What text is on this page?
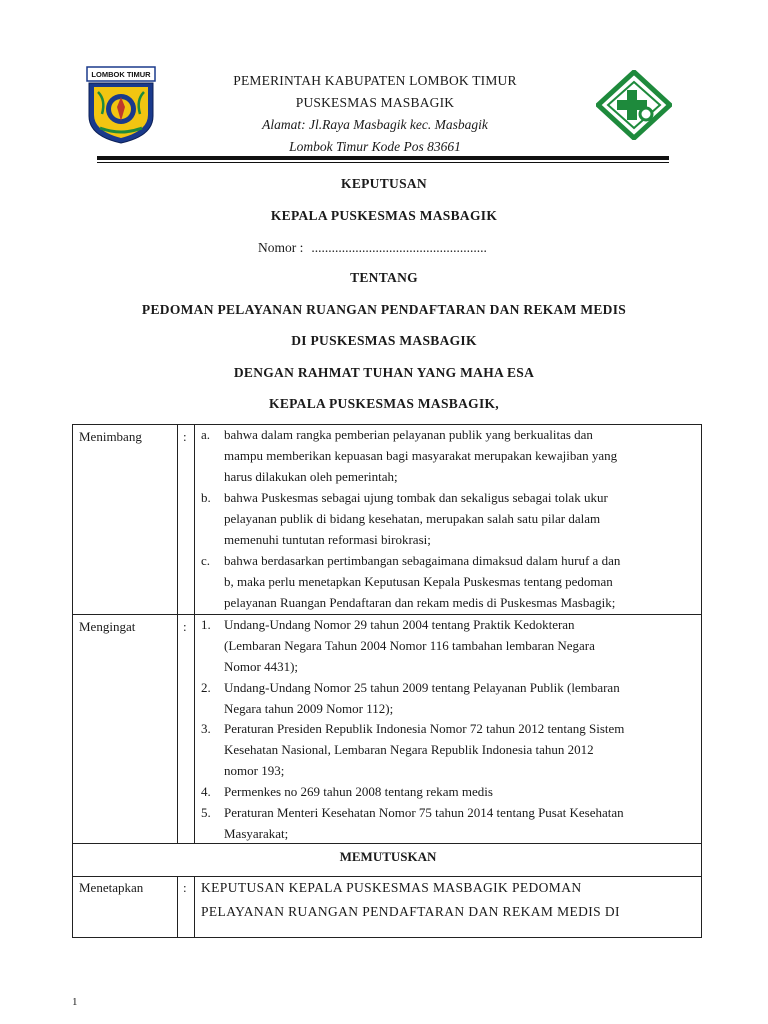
LOMBOK TIMUR	PEMERINTAH KABUPATEN LOMBOK TIMUR
PUSKESMAS MASBAGIK
Alamat: Jl.Raya Masbagik kec. Masbagik
Lombok Timur Kode Pos 83661
KEPUTUSAN
KEPALA PUSKESMAS MASBAGIK
Nomor : ....................................................
TENTANG
PEDOMAN PELAYANAN RUANGAN PENDAFTARAN DAN REKAM MEDIS
DI PUSKESMAS MASBAGIK
DENGAN RAHMAT TUHAN YANG MAHA ESA
KEPALA PUSKESMAS MASBAGIK,
Menimbang	: a. bahwa dalam rangka pemberian pelayanan publik yang berkualitas dan
mampu memberikan kepuasan bagi masyarakat merupakan kewajiban yang
harus dilakukan oleh pemerintah;
b. bahwa Puskesmas sebagai ujung tombak dan sekaligus sebagai tolak ukur
pelayanan publik di bidang kesehatan, merupakan salah satu pilar dalam
memenuhi tuntutan reformasi birokrasi;
c. bahwa berdasarkan pertimbangan sebagaimana dimaksud dalam huruf a dan
b, maka perlu menetapkan Keputusan Kepala Puskesmas tentang pedoman
pelayanan Ruangan Pendaftaran dan rekam medis di Puskesmas Masbagik;
Mengingat	: 1. Undang-Undang Nomor 29 tahun 2004 tentang Praktik Kedokteran
(Lembaran Negara Tahun 2004 Nomor 116 tambahan lembaran Negara
Nomor 4431);
2. Undang-Undang Nomor 25 tahun 2009 tentang Pelayanan Publik (lembaran
Negara tahun 2009 Nomor 112);
3. Peraturan Presiden Republik Indonesia Nomor 72 tahun 2012 tentang Sistem
Kesehatan Nasional, Lembaran Negara Republik Indonesia tahun 2012
nomor 193;
4. Permenkes no 269 tahun 2008 tentang rekam medis
5. Peraturan Menteri Kesehatan Nomor 75 tahun 2014 tentang Pusat Kesehatan
Masyarakat;
MEMUTUSKAN
Menetapkan	: KEPUTUSAN KEPALA PUSKESMAS MASBAGIK PEDOMAN
PELAYANAN RUANGAN PENDAFTARAN DAN REKAM MEDIS DI
1
